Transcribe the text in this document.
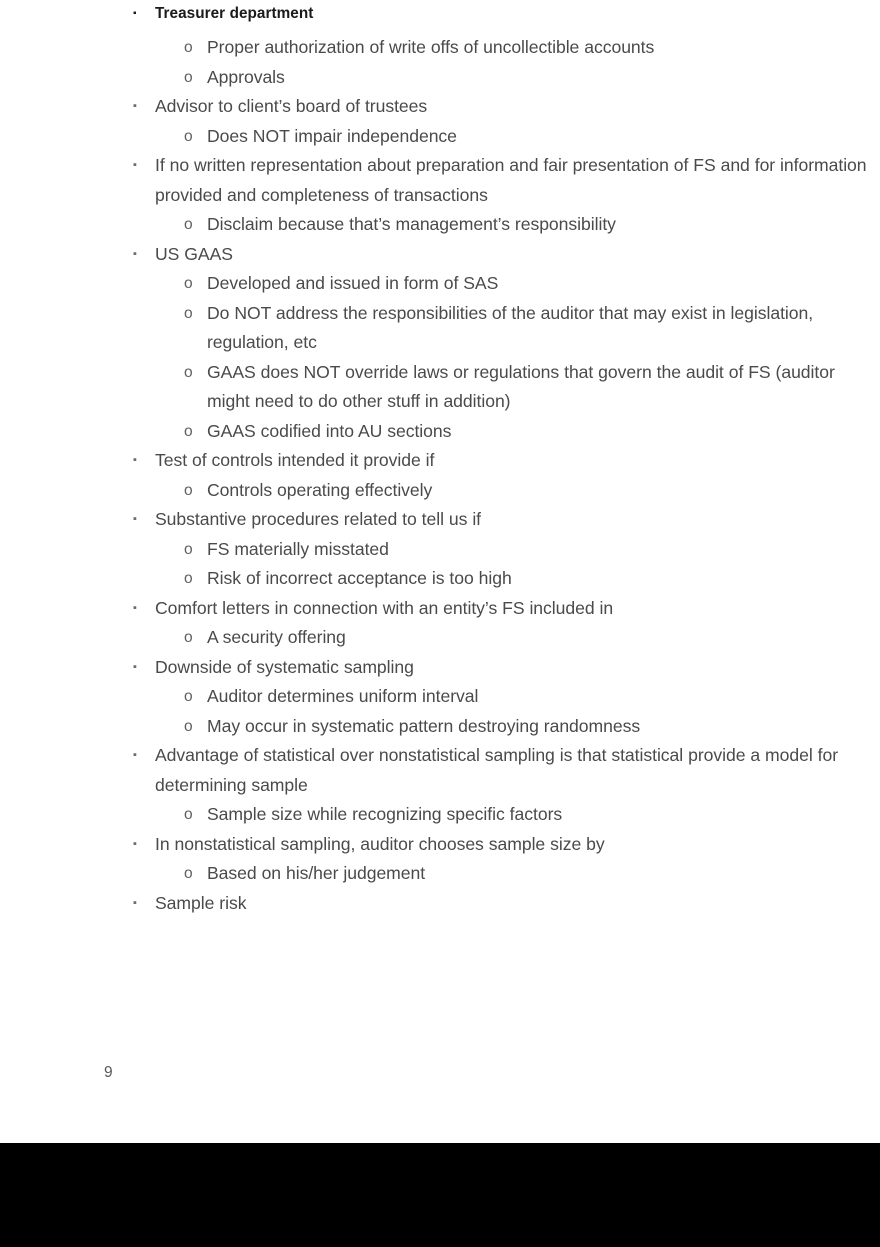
▪ Treasurer department
o Proper authorization of write offs of uncollectible accounts
o Approvals
▪ Advisor to client’s board of trustees
o Does NOT impair independence
▪ If no written representation about preparation and fair presentation of FS and for information provided and completeness of transactions
o Disclaim because that’s management’s responsibility
▪ US GAAS
o Developed and issued in form of SAS
o Do NOT address the responsibilities of the auditor that may exist in legislation, regulation, etc
o GAAS does NOT override laws or regulations that govern the audit of FS (auditor might need to do other stuff in addition)
o GAAS codified into AU sections
▪ Test of controls intended it provide if
o Controls operating effectively
▪ Substantive procedures related to tell us if
o FS materially misstated
o Risk of incorrect acceptance is too high
▪ Comfort letters in connection with an entity’s FS included in
o A security offering
▪ Downside of systematic sampling
o Auditor determines uniform interval
o May occur in systematic pattern destroying randomness
▪ Advantage of statistical over nonstatistical sampling is that statistical provide a model for determining sample
o Sample size while recognizing specific factors
▪ In nonstatistical sampling, auditor chooses sample size by
o Based on his/her judgement
▪ Sample risk
9
